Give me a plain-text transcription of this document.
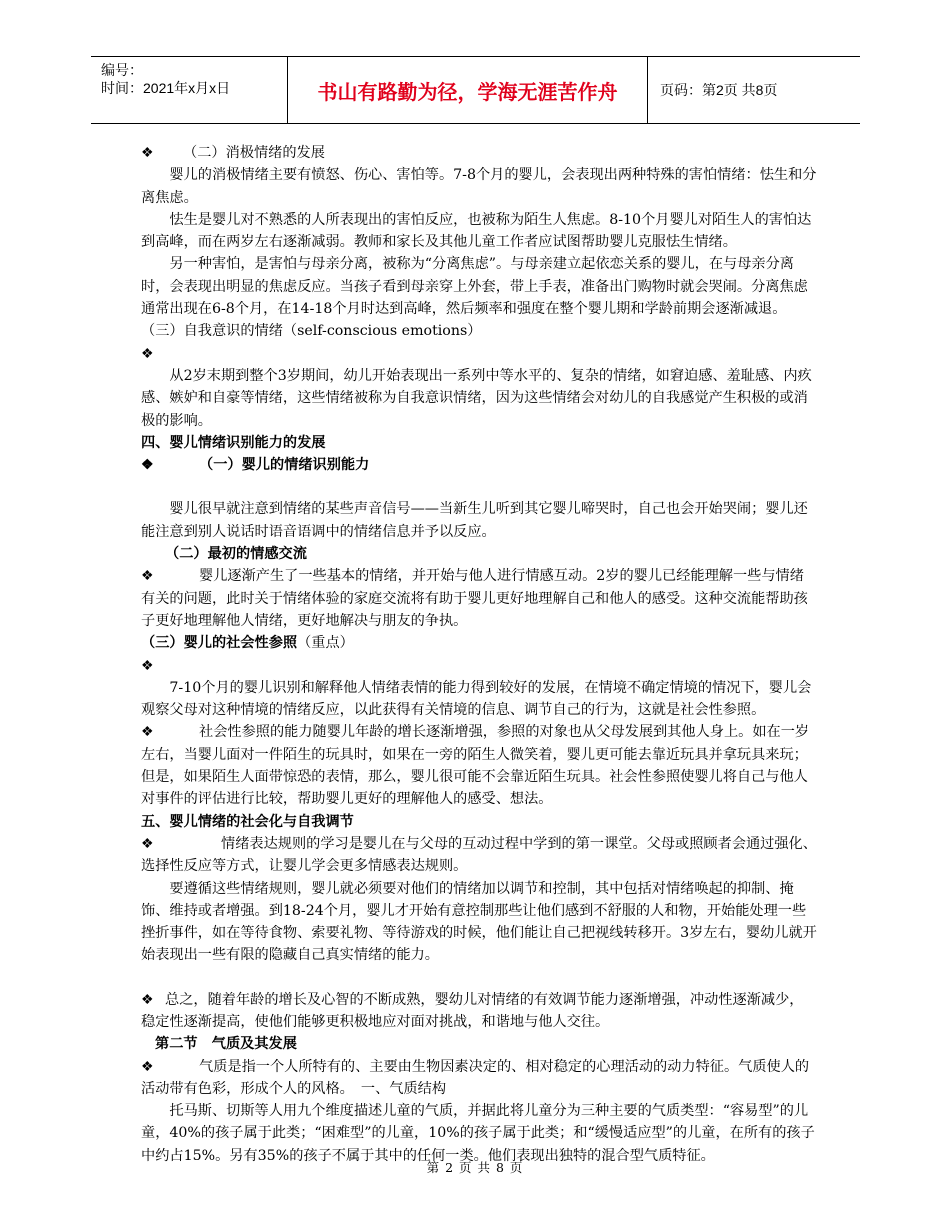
编号：
时间：2021年x月x日	书山有路勤为径，学海无涯苦作舟	页码：第2页 共8页

❖ （二）消极情绪的发展

婴儿的消极情绪主要有愤怒、伤心、害怕等。7-8个月的婴儿，会表现出两种特殊的害怕情绪：怯生和分离焦虑。

怯生是婴儿对不熟悉的人所表现出的害怕反应，也被称为陌生人焦虑。8-10个月婴儿对陌生人的害怕达到高峰，而在两岁左右逐渐减弱。教师和家长及其他儿童工作者应试图帮助婴儿克服怯生情绪。

另一种害怕，是害怕与母亲分离，被称为“分离焦虑”。与母亲建立起依恋关系的婴儿，在与母亲分离时，会表现出明显的焦虑反应。当孩子看到母亲穿上外套，带上手表，准备出门购物时就会哭闹。分离焦虑通常出现在6-8个月，在14-18个月时达到高峰，然后频率和强度在整个婴儿期和学龄前期会逐渐减退。

（三）自我意识的情绪（self-conscious emotions）

❖

从2岁末期到整个3岁期间，幼儿开始表现出一系列中等水平的、复杂的情绪，如窘迫感、羞耻感、内疚感、嫉妒和自豪等情绪，这些情绪被称为自我意识情绪，因为这些情绪会对幼儿的自我感觉产生积极的或消极的影响。

四、婴儿情绪识别能力的发展

❖	（一）婴儿的情绪识别能力

婴儿很早就注意到情绪的某些声音信号——当新生儿听到其它婴儿啼哭时，自己也会开始哭闹；婴儿还能注意到别人说话时语音语调中的情绪信息并予以反应。

（二）最初的情感交流

❖	婴儿逐渐产生了一些基本的情绪，并开始与他人进行情感互动。2岁的婴儿已经能理解一些与情绪有关的问题，此时关于情绪体验的家庭交流将有助于婴儿更好地理解自己和他人的感受。这种交流能帮助孩子更好地理解他人情绪，更好地解决与朋友的争执。

（三）婴儿的社会性参照（重点）

❖

7-10个月的婴儿识别和解释他人情绪表情的能力得到较好的发展，在情境不确定情境的情况下，婴儿会观察父母对这种情境的情绪反应，以此获得有关情境的信息、调节自己的行为，这就是社会性参照。

❖	社会性参照的能力随婴儿年龄的增长逐渐增强，参照的对象也从父母发展到其他人身上。如在一岁左右，当婴儿面对一件陌生的玩具时，如果在一旁的陌生人微笑着，婴儿更可能去靠近玩具并拿玩具来玩；但是，如果陌生人面带惊恐的表情，那么，婴儿很可能不会靠近陌生玩具。社会性参照使婴儿将自己与他人对事件的评估进行比较，帮助婴儿更好的理解他人的感受、想法。

五、婴儿情绪的社会化与自我调节

❖	情绪表达规则的学习是婴儿在与父母的互动过程中学到的第一课堂。父母或照顾者会通过强化、选择性反应等方式，让婴儿学会更多情感表达规则。

要遵循这些情绪规则，婴儿就必须要对他们的情绪加以调节和控制，其中包括对情绪唤起的抑制、掩饰、维持或者增强。到18-24个月，婴儿才开始有意控制那些让他们感到不舒服的人和物，开始能处理一些挫折事件，如在等待食物、索要礼物、等待游戏的时候，他们能让自己把视线转移开。3岁左右，婴幼儿就开始表现出一些有限的隐藏自己真实情绪的能力。

❖ 总之，随着年龄的增长及心智的不断成熟，婴幼儿对情绪的有效调节能力逐渐增强，冲动性逐渐减少，稳定性逐渐提高，使他们能够更积极地应对面对挑战，和谐地与他人交往。

第二节　气质及其发展

❖	气质是指一个人所特有的、主要由生物因素决定的、相对稳定的心理活动的动力特征。气质使人的活动带有色彩，形成个人的风格。　一、气质结构

托马斯、切斯等人用九个维度描述儿童的气质，并据此将儿童分为三种主要的气质类型：“容易型”的儿童，40%的孩子属于此类；“困难型”的儿童，10%的孩子属于此类；和“缓慢适应型”的儿童，在所有的孩子中约占15%。另有35%的孩子不属于其中的任何一类。他们表现出独特的混合型气质特征。

第 2 页 共 8 页
